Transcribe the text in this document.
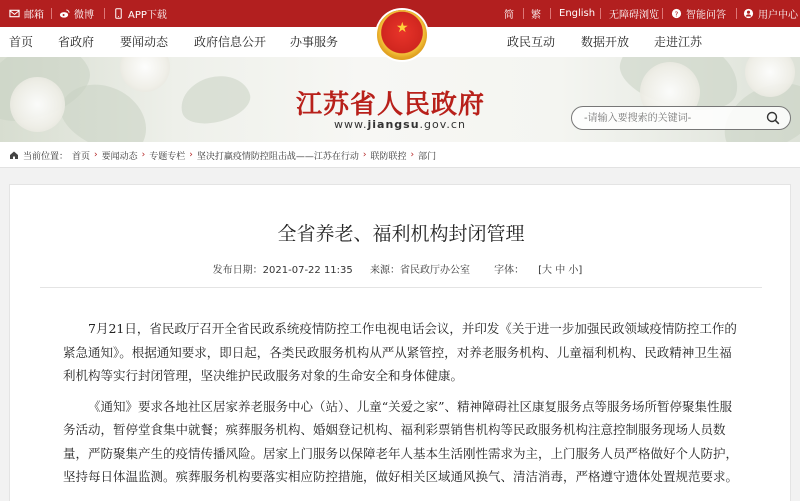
邮箱	微博	APP下载	简 繁 English 无障碍浏览 ? 智能问答	用户中心
首页 省政府 要闻动态 政府信息公开 办事服务	政民互动 数据开放 走进江苏
★
江苏省人民政府
www.jiangsu.gov.cn
-请输入要搜索的关键词-
当前位置： 首页 › 要闻动态 › 专题专栏 › 坚决打赢疫情防控阻击战——江苏在行动 › 联防联控 › 部门
全省养老、福利机构封闭管理
发布日期：2021-07-22 11:35 来源：省民政厅办公室 字体： [大 中 小]

7月21日，省民政厅召开全省民政系统疫情防控工作电视电话会议，并印发《关于进一步加强民政领域疫情防控工作的紧急通知》。根据通知要求，即日起，各类民政服务机构从严从紧管控，对养老服务机构、儿童福利机构、民政精神卫生福利机构等实行封闭管理，坚决维护民政服务对象的生命安全和身体健康。

《通知》要求各地社区居家养老服务中心（站）、儿童“关爱之家”、精神障碍社区康复服务点等服务场所暂停聚集性服务活动，暂停堂食集中就餐；殡葬服务机构、婚姻登记机构、福利彩票销售机构等民政服务机构注意控制服务现场人员数量，严防聚集产生的疫情传播风险。居家上门服务以保障老年人基本生活刚性需求为主，上门服务人员严格做好个人防护，坚持每日体温监测。殡葬服务机构要落实相应防控措施，做好相关区域通风换气、清洁消毒，严格遵守遗体处置规范要求。
